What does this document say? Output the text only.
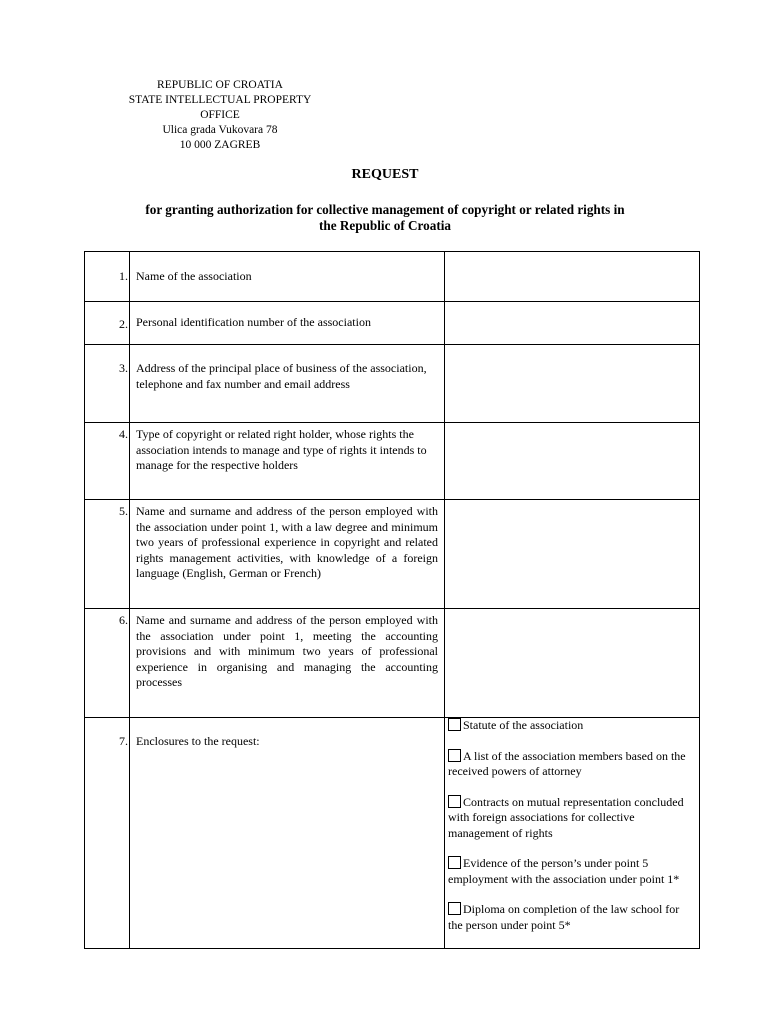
REPUBLIC OF CROATIA
STATE INTELLECTUAL PROPERTY
OFFICE
Ulica grada Vukovara 78
10 000 ZAGREB
REQUEST
for granting authorization for collective management of copyright or related rights in
the Republic of Croatia
1.	Name of the association	
2.	Personal identification number of the association	
3.	Address of the principal place of business of the association, telephone and fax number and email address	
4.	Type of copyright or related right holder, whose rights the association intends to manage and type of rights it intends to manage for the respective holders	
5.	Name and surname and address of the person employed with the association under point 1, with a law degree and minimum two years of professional experience in copyright and related rights management activities, with knowledge of a foreign language (English, German or French)	
6.	Name and surname and address of the person employed with the association under point 1, meeting the accounting provisions and with minimum two years of professional experience in organising and managing the accounting processes	
7.	Enclosures to the request:	Statute of the association
A list of the association members based on the received powers of attorney
Contracts on mutual representation concluded with foreign associations for collective management of rights
Evidence of the person’s under point 5 employment with the association under point 1*
Diploma on completion of the law school for the person under point 5*
